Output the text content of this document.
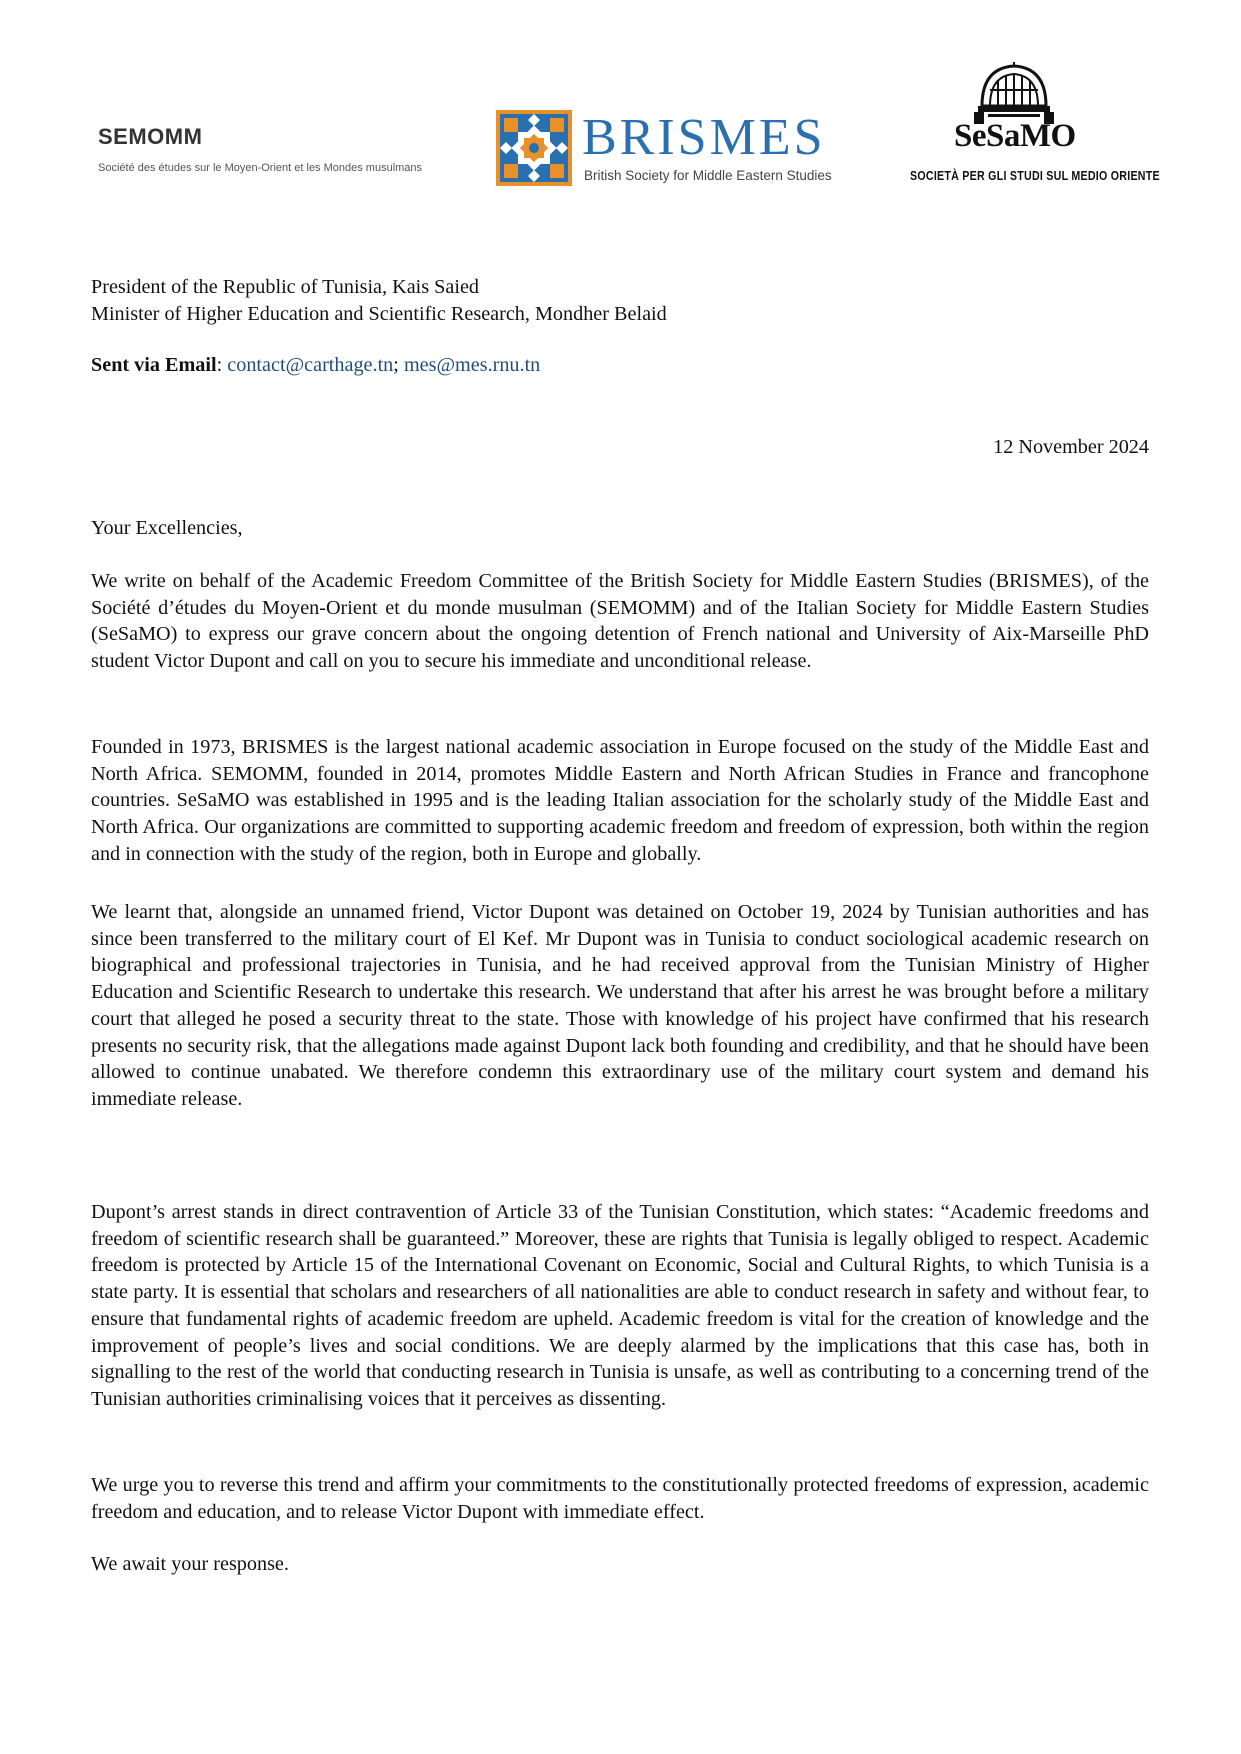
SEMOMM
Société des études sur le Moyen-Orient et les Mondes musulmans
BRISMES
British Society for Middle Eastern Studies
SeSaMO
SOCIETÀ PER GLI STUDI SUL MEDIO ORIENTE
President of the Republic of Tunisia, Kais Saied
Minister of Higher Education and Scientific Research, Mondher Belaid
Sent via Email: contact@carthage.tn; mes@mes.rnu.tn
12 November 2024
Your Excellencies,

We write on behalf of the Academic Freedom Committee of the British Society for Middle Eastern Studies (BRISMES), of the Société d’études du Moyen-Orient et du monde musulman (SEMOMM) and of the Italian Society for Middle Eastern Studies (SeSaMO) to express our grave concern about the ongoing detention of French national and University of Aix-Marseille PhD student Victor Dupont and call on you to secure his immediate and unconditional release.

Founded in 1973, BRISMES is the largest national academic association in Europe focused on the study of the Middle East and North Africa. SEMOMM, founded in 2014, promotes Middle Eastern and North African Studies in France and francophone countries. SeSaMO was established in 1995 and is the leading Italian association for the scholarly study of the Middle East and North Africa. Our organizations are committed to supporting academic freedom and freedom of expression, both within the region and in connection with the study of the region, both in Europe and globally.

We learnt that, alongside an unnamed friend, Victor Dupont was detained on October 19, 2024 by Tunisian authorities and has since been transferred to the military court of El Kef. Mr Dupont was in Tunisia to conduct sociological academic research on biographical and professional trajectories in Tunisia, and he had received approval from the Tunisian Ministry of Higher Education and Scientific Research to undertake this research. We understand that after his arrest he was brought before a military court that alleged he posed a security threat to the state. Those with knowledge of his project have confirmed that his research presents no security risk, that the allegations made against Dupont lack both founding and credibility, and that he should have been allowed to continue unabated. We therefore condemn this extraordinary use of the military court system and demand his immediate release.

Dupont’s arrest stands in direct contravention of Article 33 of the Tunisian Constitution, which states: “Academic freedoms and freedom of scientific research shall be guaranteed.” Moreover, these are rights that Tunisia is legally obliged to respect. Academic freedom is protected by Article 15 of the International Covenant on Economic, Social and Cultural Rights, to which Tunisia is a state party. It is essential that scholars and researchers of all nationalities are able to conduct research in safety and without fear, to ensure that fundamental rights of academic freedom are upheld. Academic freedom is vital for the creation of knowledge and the improvement of people’s lives and social conditions. We are deeply alarmed by the implications that this case has, both in signalling to the rest of the world that conducting research in Tunisia is unsafe, as well as contributing to a concerning trend of the Tunisian authorities criminalising voices that it perceives as dissenting.

We urge you to reverse this trend and affirm your commitments to the constitutionally protected freedoms of expression, academic freedom and education, and to release Victor Dupont with immediate effect.

We await your response.
